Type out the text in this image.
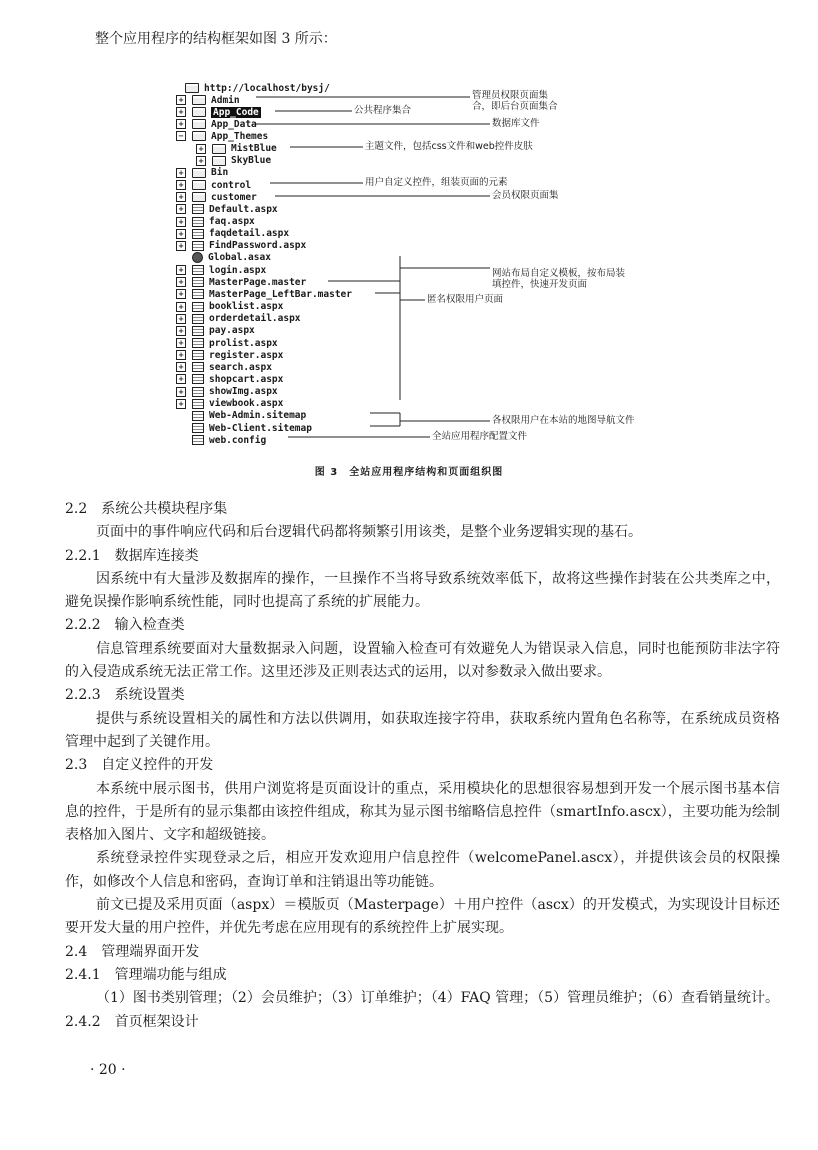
整个应用程序的结构框架如图 3 所示：
http://localhost/bysj/
+	Admin
+	App_Code
+	App_Data
−	App_Themes
+	MistBlue
+	SkyBlue
+	Bin
+	control
+	customer
+	Default.aspx
+	faq.aspx
+	faqdetail.aspx
+	FindPassword.aspx
Global.asax
+	login.aspx
+	MasterPage.master
+	MasterPage_LeftBar.master
+	booklist.aspx
+	orderdetail.aspx
+	pay.aspx
+	prolist.aspx
+	register.aspx
+	search.aspx
+	shopcart.aspx
+	showImg.aspx
+	viewbook.aspx
Web-Admin.sitemap
Web-Client.sitemap
web.config
管理员权限页面集
合，即后台页面集合
公共程序集合
数据库文件
主题文件，包括css文件和web控件皮肤
用户自定义控件，组装页面的元素
会员权限页面集
网站布局自定义模板，按布局装
填控件，快速开发页面
匿名权限用户页面
各权限用户在本站的地图导航文件
全站应用程序配置文件
图 3　全站应用程序结构和页面组织图
2.2　系统公共模块程序集
页面中的事件响应代码和后台逻辑代码都将频繁引用该类，是整个业务逻辑实现的基石。
2.2.1　数据库连接类
因系统中有大量涉及数据库的操作，一旦操作不当将导致系统效率低下，故将这些操作封装在公共类库之中，避免误操作影响系统性能，同时也提高了系统的扩展能力。
2.2.2　输入检查类
信息管理系统要面对大量数据录入问题，设置输入检查可有效避免人为错误录入信息，同时也能预防非法字符的入侵造成系统无法正常工作。这里还涉及正则表达式的运用，以对参数录入做出要求。
2.2.3　系统设置类
提供与系统设置相关的属性和方法以供调用，如获取连接字符串，获取系统内置角色名称等，在系统成员资格管理中起到了关键作用。
2.3　自定义控件的开发
本系统中展示图书，供用户浏览将是页面设计的重点，采用模块化的思想很容易想到开发一个展示图书基本信息的控件，于是所有的显示集都由该控件组成，称其为显示图书缩略信息控件（smartInfo.ascx），主要功能为绘制表格加入图片、文字和超级链接。
系统登录控件实现登录之后，相应开发欢迎用户信息控件（welcomePanel.ascx），并提供该会员的权限操作，如修改个人信息和密码，查询订单和注销退出等功能链。
前文已提及采用页面（aspx）＝模版页（Masterpage）＋用户控件（ascx）的开发模式，为实现设计目标还要开发大量的用户控件，并优先考虑在应用现有的系统控件上扩展实现。
2.4　管理端界面开发
2.4.1　管理端功能与组成
（1）图书类别管理；（2）会员维护；（3）订单维护；（4）FAQ 管理；（5）管理员维护；（6）查看销量统计。
2.4.2　首页框架设计
· 20 ·
